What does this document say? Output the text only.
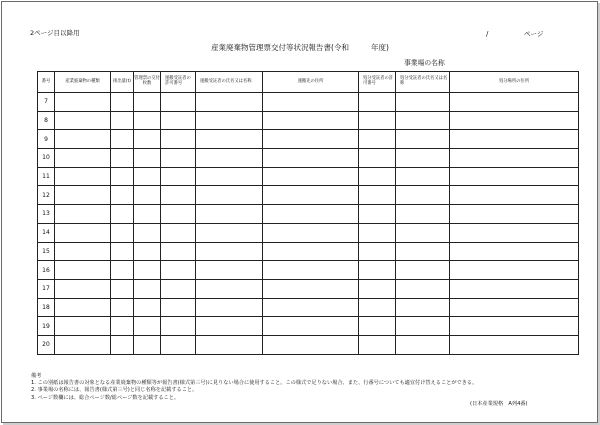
2ページ目以降用	/	ページ
産業廃棄物管理票交付等状況報告書(令和	年度)
事業場の名称
番号	産業廃棄物の種類	排出量(t)	管理票の交付枚数	運搬受託者の許可番号	運搬受託者の氏名又は名称	運搬先の住所	処分受託者の許可番号	処分受託者の氏名又は名称	処分場所の住所
7									
8									
9									
10									
11									
12									
13									
14									
15									
16									
17									
18									
19									
20									
備考
1. この別紙は報告書の対象となる産業廃棄物の種類等が報告書(様式第三号)に見りない場合に使用すること。この様式で足りない場合、また、行番号についても適宜付け替えることができる。
2. 事業場の名称には、報告書(様式第三号)と同じ名称を記載すること。
3. ページ数欄には、総合ページ数/総ページ数を記載すること。
(日本産業規格　A列4番)
